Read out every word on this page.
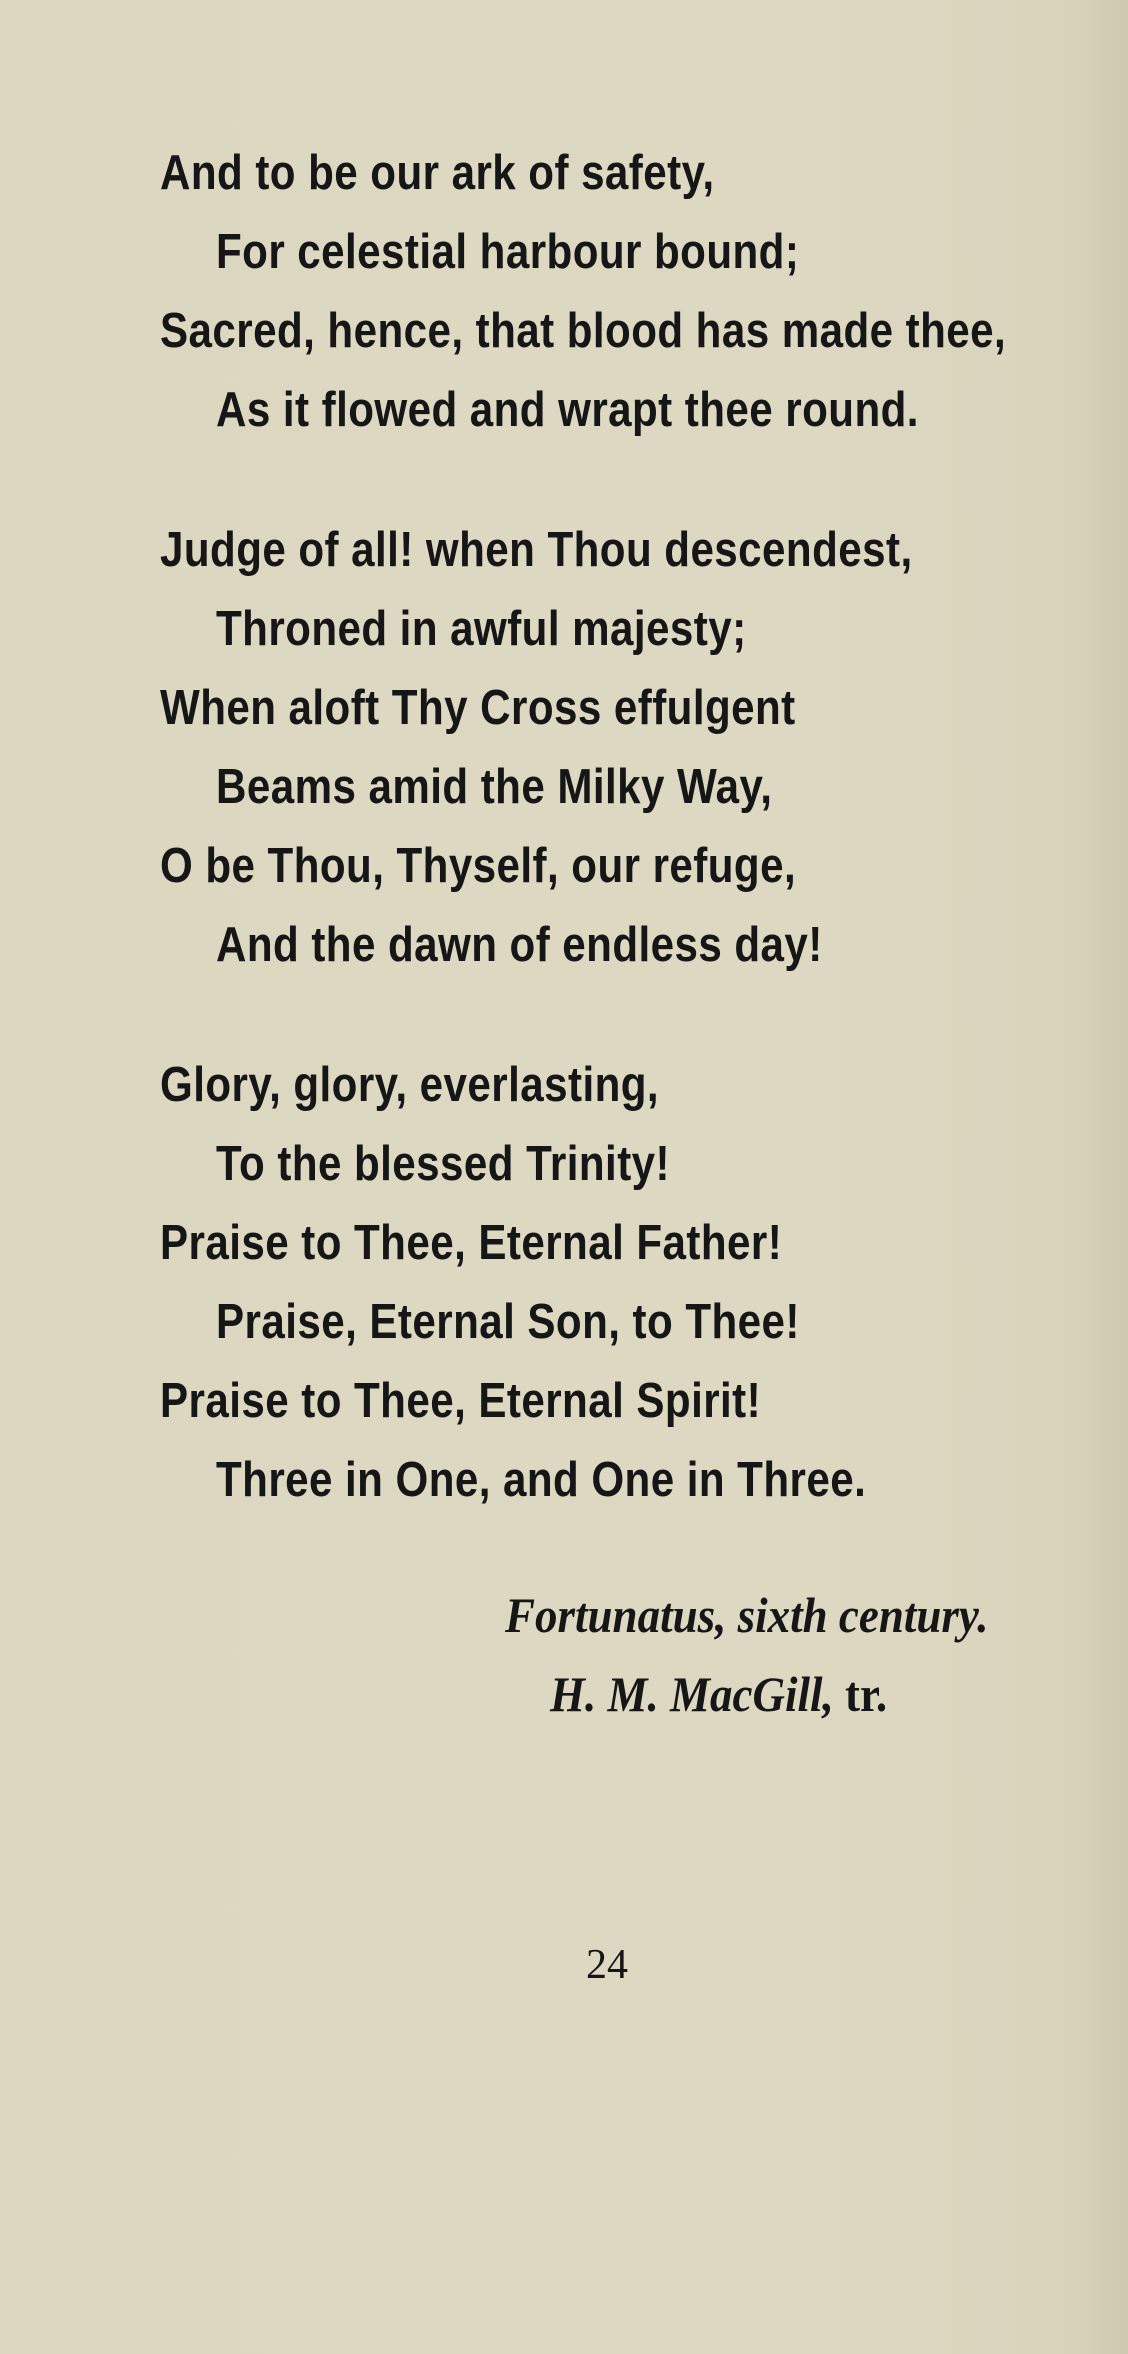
And to be our ark of safety,
For celestial harbour bound;
Sacred, hence, that blood has made thee,
As it flowed and wrapt thee round.
Judge of all! when Thou descendest,
Throned in awful majesty;
When aloft Thy Cross effulgent
Beams amid the Milky Way,
O be Thou, Thyself, our refuge,
And the dawn of endless day!
Glory, glory, everlasting,
To the blessed Trinity!
Praise to Thee, Eternal Father!
Praise, Eternal Son, to Thee!
Praise to Thee, Eternal Spirit!
Three in One, and One in Three.
Fortunatus, sixth century.
H. M. MacGill, tr.
24
